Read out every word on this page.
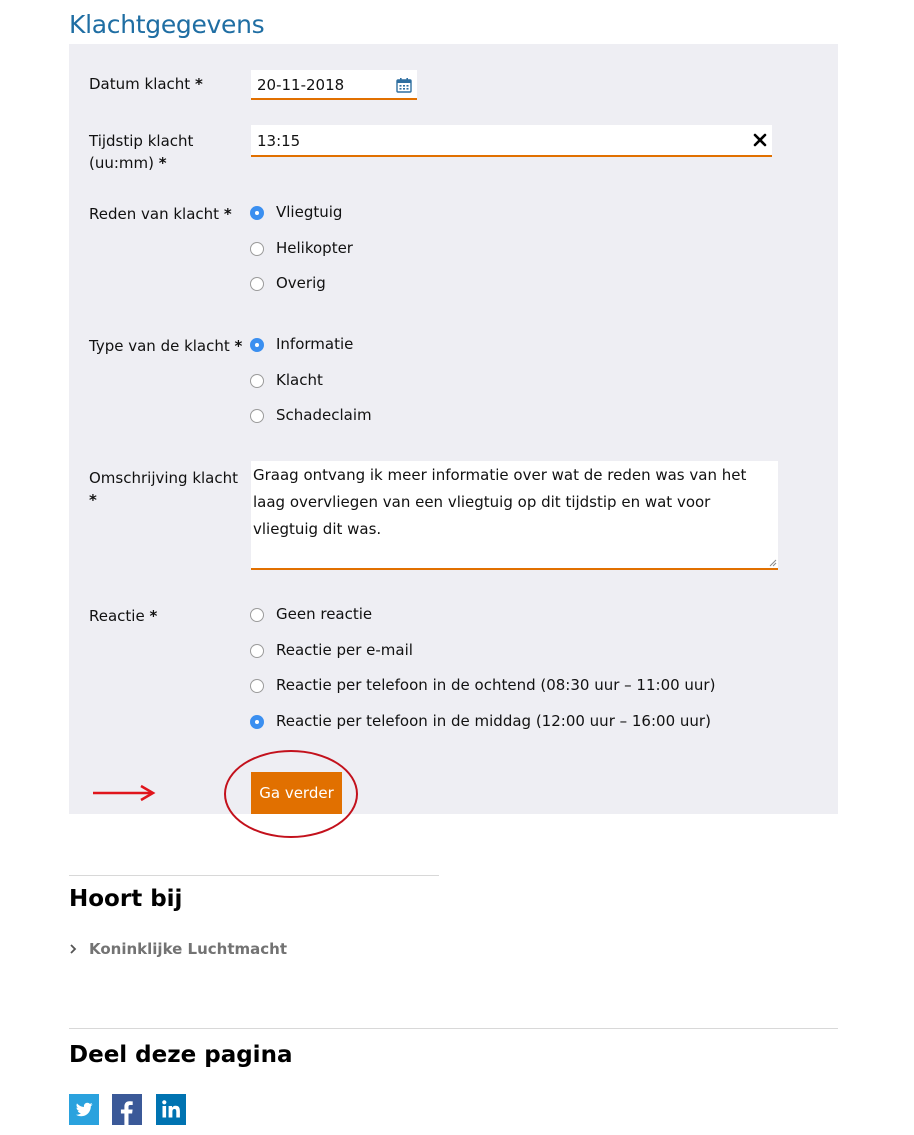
Klachtgegevens
Datum klacht *
20-11-2018
Tijdstip klacht
(uu:mm) *
13:15
Reden van klacht *	Vliegtuig
Helikopter
Overig
Type van de klacht * Informatie
Klacht
Schadeclaim
Omschrijving klacht
*
Graag ontvang ik meer informatie over wat de reden was van het laag overvliegen van een vliegtuig op dit tijdstip en wat voor vliegtuig dit was.
Reactie *	Geen reactie
Reactie per e-mail
Reactie per telefoon in de ochtend (08:30 uur – 11:00 uur)
Reactie per telefoon in de middag (12:00 uur – 16:00 uur)
Ga verder
Hoort bij
Koninklijke Luchtmacht
Deel deze pagina
